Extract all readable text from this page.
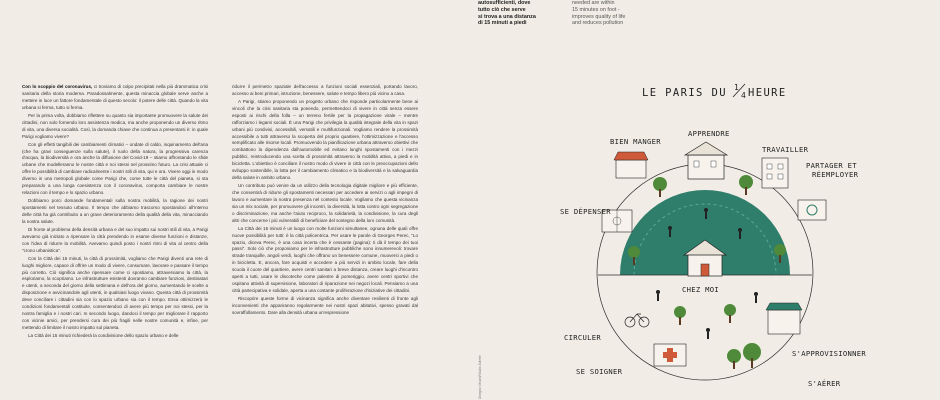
autosufficienti, dove
tutto ciò che serve
si trova a una distanza
di 15 minuti a piedi
needed are within
15 minutes on foot -
improves quality of life
and reduces pollution

Con lo scoppio del coronavirus, ci troviamo di colpo precipitati nella più drammatica crisi sanitaria della storia moderna. Paradossalmente, questa minaccia globale serve anche a mettere in luce un fattore fondamentale di questo secolo: il potere delle città. Quando la vita urbana si ferma, tutto si ferma.

Per la prima volta, dobbiamo riflettere su quanto sia importante promuovere la salute dei cittadini, non solo fornendo loro assistenza medica, ma anche proponendo un diverso ritmo di vita, una diversa socialità. Così, la domanda chiave che continua a presentarsi è: in quale Parigi vogliamo vivere?

Con gli effetti tangibili dei cambiamenti climatici – ondate di caldo, inquinamento dell'aria (che ha gravi conseguenze sulla salute), il ruolo della natura, la progressiva carenza d'acqua, la biodiversità e ora anche la diffusione del Covid-19 – stiamo affrontando le sfide urbane che modelleranno le nostre città e noi stessi nel prossimo futuro. La crisi attuale ci offre le possibilità di cambiare radicalmente i nostri stili di vita, qui e ora. Vivere oggi in modo diverso in una metropoli globale come Parigi che, come tutte le città del pianeta, si sta preparando a una lunga coesistenza con il coronavirus, comporta cambiare le nostre relazioni con il tempo e lo spazio urbano.

Dobbiamo porci domande fondamentali sulla nostra mobilità, la ragione dei nostri spostamenti nel tessuto urbano. Il tempo che abbiamo trascorso spostandoci all'interno delle città ha già contribuito a un grave deterioramento della qualità della vita, minacciando la nostra salute.

Di fronte al problema della densità urbana e del suo impatto sui nostri stili di vita, a Parigi avevamo già iniziato a ripensare la città prendendo in esame diverse funzioni e distanze, con l'idea di ridurre la mobilità. Avevamo quindi posto i nostri ritmi di vita al centro della "crono urbanistica".

Con la Città dei 15 minuti, la città di prossimità, vogliamo che Parigi diventi una rete di luoghi migliore, capace di offrire un modo di vivere, consumare, lavorare e passare il tempo più corretto. Ciò significa anche ripensare come ci spostiamo, attraversiamo la città, la esploriamo, la scopriamo. Le infrastrutture esistenti dovranno cambiare funzioni, destinatari e utenti, a seconda del giorno della settimana e dell'ora del giorno, aumentando le scelte a disposizione e avvicinandole agli utenti, in qualsiasi luogo vivano. Questa città di prossimità deve conciliare i cittadini sia con lo spazio urbano sia con il tempo. Essa ottimizzerà le condizioni fondamentali costituite, consentendoci di avere più tempo per noi stessi, per la nostra famiglia e i nostri cari. In secondo luogo, dandoci il tempo per migliorare il rapporto con vicinie amici, per prendersi cura dei più fragili nelle nostre comunità e, infine, per mettendo di limitare il nostro impatto sul pianeta.

La Città dei 15 minuti richiederà la condivisione dello spazio urbano e delle

ridurre il perimetro spaziale dell'accesso a funzioni sociali essenziali, portando lavoro, accesso ai beni primari, istruzione, benessere, salute e tempo libero più vicino a casa.

A Parigi, stiamo proponendo un progetto urbano che risponde particolarmente bene ai vincoli che la crisi sanitaria sta ponendo, permettendoci di vivere in città senza essere esposti ai rischi della folla – un terreno fertile per la propagazione virale – mentre rafforziamo i legami sociali. È una Parigi che privilegia la qualità integrale della vita in spazi urbani più condivisi, accessibili, versatili e multifunzionali. Vogliamo rendere la prossimità accessibile a tutti attraverso la scoperta del proprio quartiere, l'ottimizzazione e l'accesso semplificato alle risorse locali. Promuovendo la pianificazione urbana attraverso obiettivi che combattono la dipendenza dall'automobile ed evitano lunghi spostamenti con i mezzi pubblici, reintroducendo una scelta di prossimità attraverso la mobilità attiva, a piedi e in bicicletta. L'obiettivo è conciliare il nostro modo di vivere in città con le preoccupazioni dello sviluppo sostenibile, la lotta per il cambiamento climatico e la biodiversità e la salvaguardia della salute in ambito urbano.

Un contributo può venire da un utilizzo della tecnologia digitale migliore e più efficiente, che consentirà di ridurre gli spostamenti necessari per accedere ai servizi o agli impegni di lavoro e aumentare la nostra presenza nel contesto locale. Vogliamo che questa vicinanza sia un mix sociale, per promuovere gli incontri, la diversità, la lotta contro ogni segregazione o discriminazione, ma anche l'aiuto reciproco, la solidarietà, la condivisione, la cura degli altri che concerne i più vulnerabili di beneficiare del sostegno della loro comunità.

La Città dei 15 minuti è un luogo con molte funzioni simultanee, ognuna delle quali offre nuove possibilità per tutti: è la città policentrica. Per usare le parole di Georges Perec, "Lo spazio, diceva Perec, è una cosa incerta che è cessante (pagina): ti dà il tempo dei tuoi passi". Solo ciò che proponiamo per le infrastrutture pubbliche sono innumerevoli: trovare strade tranquille, angoli verdi, luoghi che offrano un benessere comune, muoversi a piedi o in bicicletta. E, ancora, fare acquisti e accedere a più servizi in ambito locale, fare della scuola il cuore del quartiere, avere centri sanitari a breve distanza, creare luoghi d'incontro aperti a tutti, usare le discoteche come palestre di pomeriggio, avere centri sportivi che ospitano attività di supervisione, laboratori di riparazione nei negozi locali. Pensiamo a una città partecipativa e solidale, aperta a una costante proliferazione d'iniziative dei cittadini.

Riscoprire queste forme di vicinanza significa anche diventare resilienti di fronte agli inconvenienti che appariranno regolarmente nei nostri spazi abitativi, spesso gravati dal sovraffollamento. Dare alla densità urbana un'espressione

Disegno: Micael/Studio Juliette
LE PARIS DU 1
4 HEURE
CHEZ MOI
APPRENDRE
BIEN MANGER
TRAVAILLER
PARTAGER ET
RÉEMPLOYER
SE DÉPENSER
CIRCULER
SE SOIGNER
S'APPROVISIONNER
S'AÉRER
